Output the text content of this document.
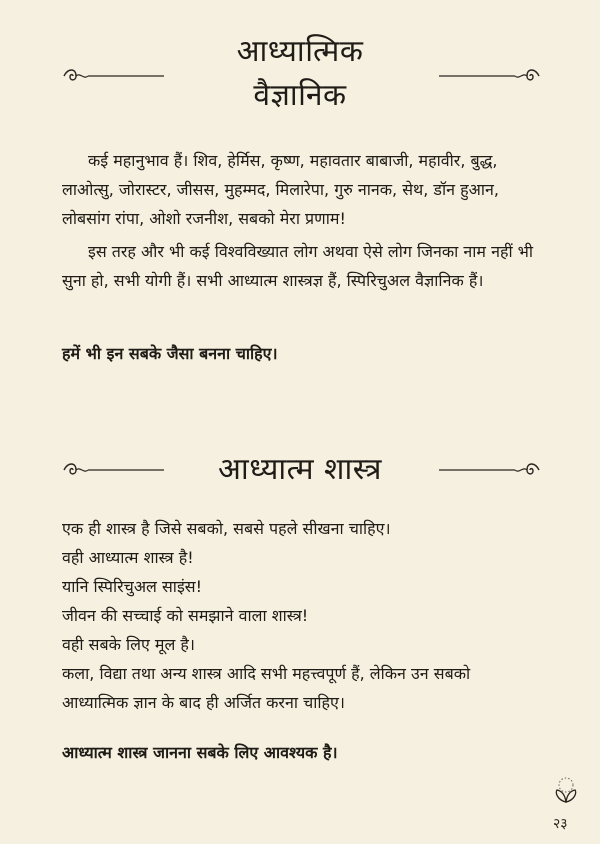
आध्यात्मिक
वैज्ञानिक

कई महानुभाव हैं। शिव, हेर्मिस, कृष्ण, महावतार बाबाजी, महावीर, बुद्ध, लाओत्सु, जोरास्टर, जीसस, मुहम्मद, मिलारेपा, गुरु नानक, सेथ, डॉन हुआन, लोबसांग रांपा, ओशो रजनीश, सबको मेरा प्रणाम!

इस तरह और भी कई विश्वविख्यात लोग अथवा ऐसे लोग जिनका नाम नहीं भी सुना हो, सभी योगी हैं। सभी आध्यात्म शास्त्रज्ञ हैं, स्पिरिचुअल वैज्ञानिक हैं।

हमें भी इन सबके जैसा बनना चाहिए।

आध्यात्म शास्त्र
एक ही शास्त्र है जिसे सबको, सबसे पहले सीखना चाहिए।
वही आध्यात्म शास्त्र है!
यानि स्पिरिचुअल साइंस!
जीवन की सच्चाई को समझाने वाला शास्त्र!
वही सबके लिए मूल है।
कला, विद्या तथा अन्य शास्त्र आदि सभी महत्त्वपूर्ण हैं, लेकिन उन सबको
आध्यात्मिक ज्ञान के बाद ही अर्जित करना चाहिए।

आध्यात्म शास्त्र जानना सबके लिए आवश्यक है।

२३
